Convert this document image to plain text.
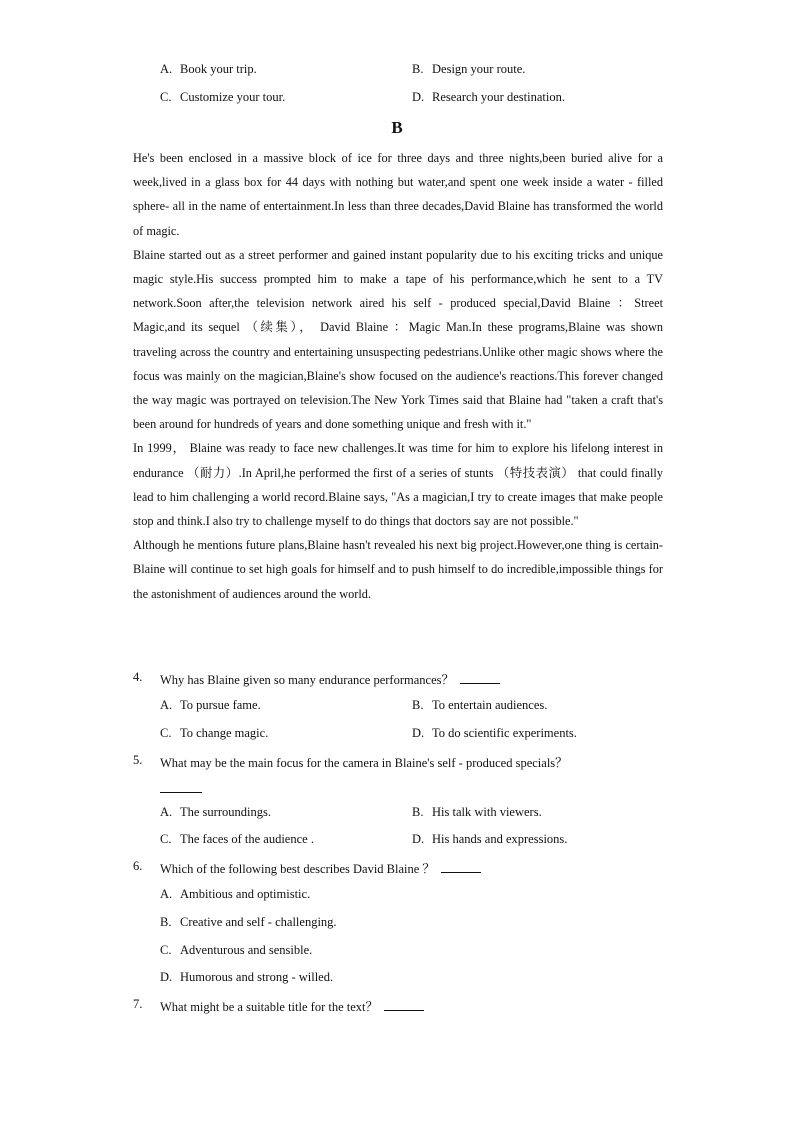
A. Book your trip.	B. Design your route.
C. Customize your tour.	D. Research your destination.
B

He's been enclosed in a massive block of ice for three days and three nights,been buried alive for a week,lived in a glass box for 44 days with nothing but water,and spent one week inside a water - filled sphere- all in the name of entertainment.In less than three decades,David Blaine has transformed the world of magic.

Blaine started out as a street performer and gained instant popularity due to his exciting tricks and unique magic style.His success prompted him to make a tape of his performance,which he sent to a TV network.Soon after,the television network aired his self - produced special,David Blaine ：Street Magic,and its sequel （续集）， David Blaine ：Magic Man.In these programs,Blaine was shown traveling across the country and entertaining unsuspecting pedestrians.Unlike other magic shows where the focus was mainly on the magician,Blaine's show focused on the audience's reactions.This forever changed the way magic was portrayed on television.The New York Times said that Blaine had "taken a craft that's been around for hundreds of years and done something unique and fresh with it."

In 1999， Blaine was ready to face new challenges.It was time for him to explore his lifelong interest in endurance （耐力）.In April,he performed the first of a series of stunts （特技表演） that could finally lead to him challenging a world record.Blaine says, "As a magician,I try to create images that make people stop and think.I also try to challenge myself to do things that doctors say are not possible."

Although he mentions future plans,Blaine hasn't revealed his next big project.However,one thing is certain- Blaine will continue to set high goals for himself and to push himself to do incredible,impossible things for the astonishment of audiences around the world.

4. Why has Blaine given so many endurance performances？
A. To pursue fame.	B. To entertain audiences.
C. To change magic.	D. To do scientific experiments.
5. What may be the main focus for the camera in Blaine's self - produced specials？
A. The surroundings.	B. His talk with viewers.
C. The faces of the audience .	D. His hands and expressions.
6. Which of the following best describes David Blaine ？
A. Ambitious and optimistic.
B. Creative and self - challenging.
C. Adventurous and sensible.
D. Humorous and strong - willed.
7. What might be a suitable title for the text？
